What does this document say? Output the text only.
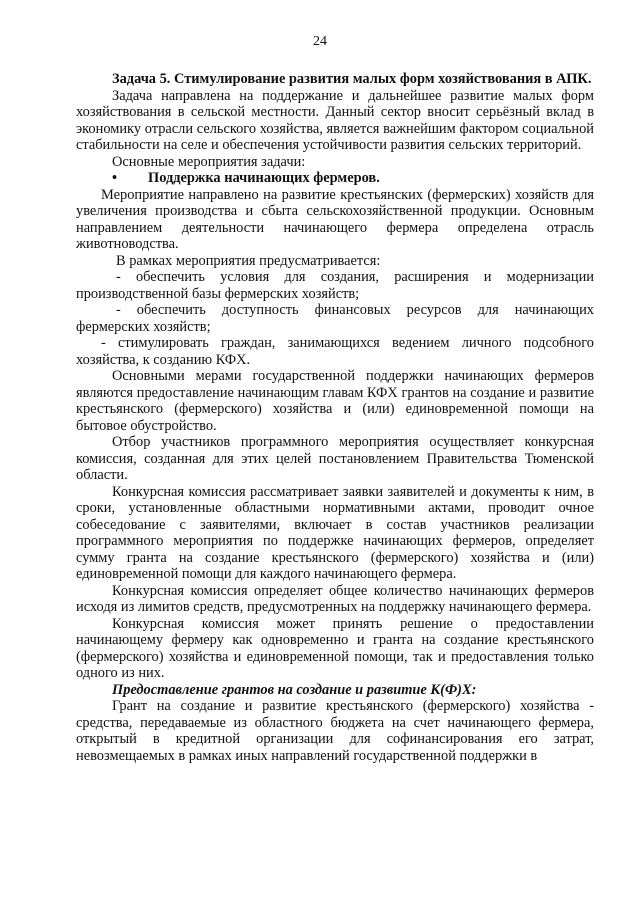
24

Задача 5. Стимулирование развития малых форм хозяйствования в АПК.

Задача направлена на поддержание и дальнейшее развитие малых форм хозяйствования в сельской местности. Данный сектор вносит серьёзный вклад в экономику отрасли сельского хозяйства, является важнейшим фактором социальной стабильности на селе и обеспечения устойчивости развития сельских территорий.

Основные мероприятия задачи:

•	Поддержка начинающих фермеров.

Мероприятие направлено на развитие крестьянских (фермерских) хозяйств для увеличения производства и сбыта сельскохозяйственной продукции. Основным направлением деятельности начинающего фермера определена отрасль животноводства.

В рамках мероприятия предусматривается:

- обеспечить условия для создания, расширения и модернизации производственной базы фермерских хозяйств;

- обеспечить доступность финансовых ресурсов для начинающих фермерских хозяйств;

- стимулировать граждан, занимающихся ведением личного подсобного хозяйства, к созданию КФХ.

Основными мерами государственной поддержки начинающих фермеров являются предоставление начинающим главам КФХ грантов на создание и развитие крестьянского (фермерского) хозяйства и (или) единовременной помощи на бытовое обустройство.

Отбор участников программного мероприятия осуществляет конкурсная комиссия, созданная для этих целей постановлением Правительства Тюменской области.

Конкурсная комиссия рассматривает заявки заявителей и документы к ним, в сроки, установленные областными нормативными актами, проводит очное собеседование с заявителями, включает в состав участников реализации программного мероприятия по поддержке начинающих фермеров, определяет сумму гранта на создание крестьянского (фермерского) хозяйства и (или) единовременной помощи для каждого начинающего фермера.

Конкурсная комиссия определяет общее количество начинающих фермеров исходя из лимитов средств, предусмотренных на поддержку начинающего фермера.

Конкурсная комиссия может принять решение о предоставлении начинающему фермеру как одновременно и гранта на создание крестьянского (фермерского) хозяйства и единовременной помощи, так и предоставления только одного из них.

Предоставление грантов на создание и развитие К(Ф)Х:

Грант на создание и развитие крестьянского (фермерского) хозяйства - средства, передаваемые из областного бюджета на счет начинающего фермера, открытый в кредитной организации для софинансирования его затрат, невозмещаемых в рамках иных направлений государственной поддержки в
